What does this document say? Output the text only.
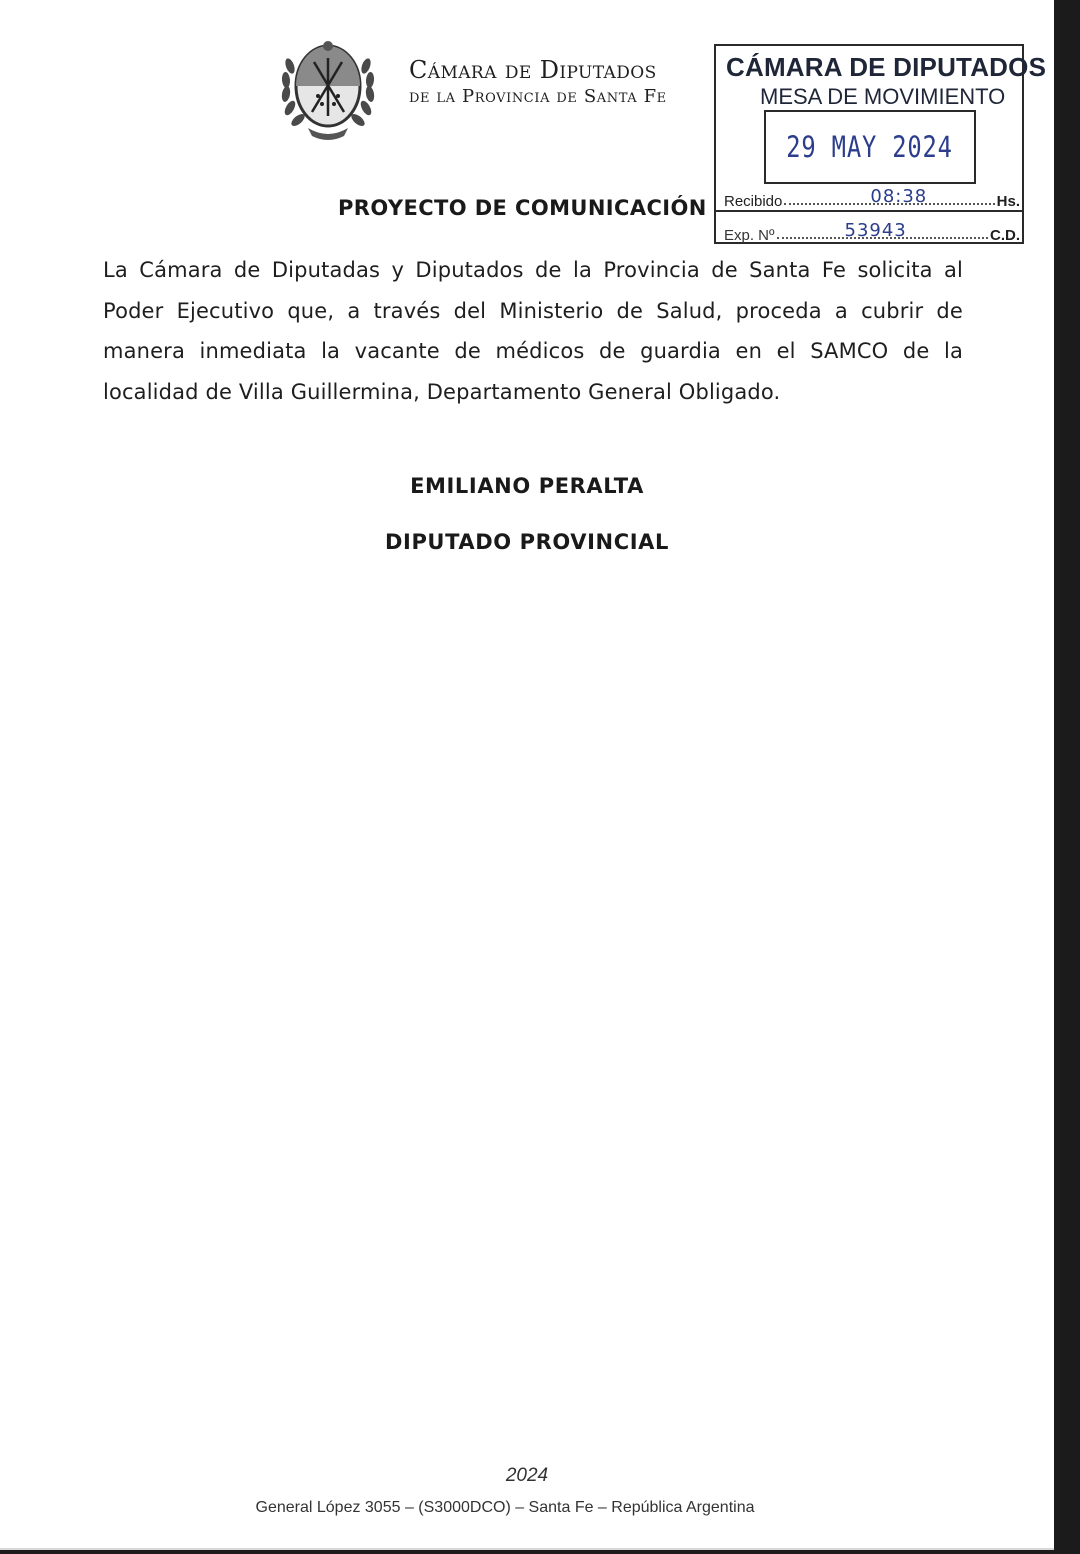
Cámara de Diputados
de la Provincia de Santa Fe
CÁMARA DE DIPUTADOS
MESA DE MOVIMIENTO
29 MAY 2024
Recibido	08:38	Hs.
Exp. Nº	53943	C.D.
PROYECTO DE COMUNICACIÓN
La Cámara de Diputadas y Diputados de la Provincia de Santa Fe solicita al Poder Ejecutivo que, a través del Ministerio de Salud, proceda a cubrir de manera inmediata la vacante de médicos de guardia en el SAMCO de la localidad de Villa Guillermina, Departamento General Obligado.
EMILIANO PERALTA
DIPUTADO PROVINCIAL
2024
General López 3055 – (S3000DCO) – Santa Fe – República Argentina
